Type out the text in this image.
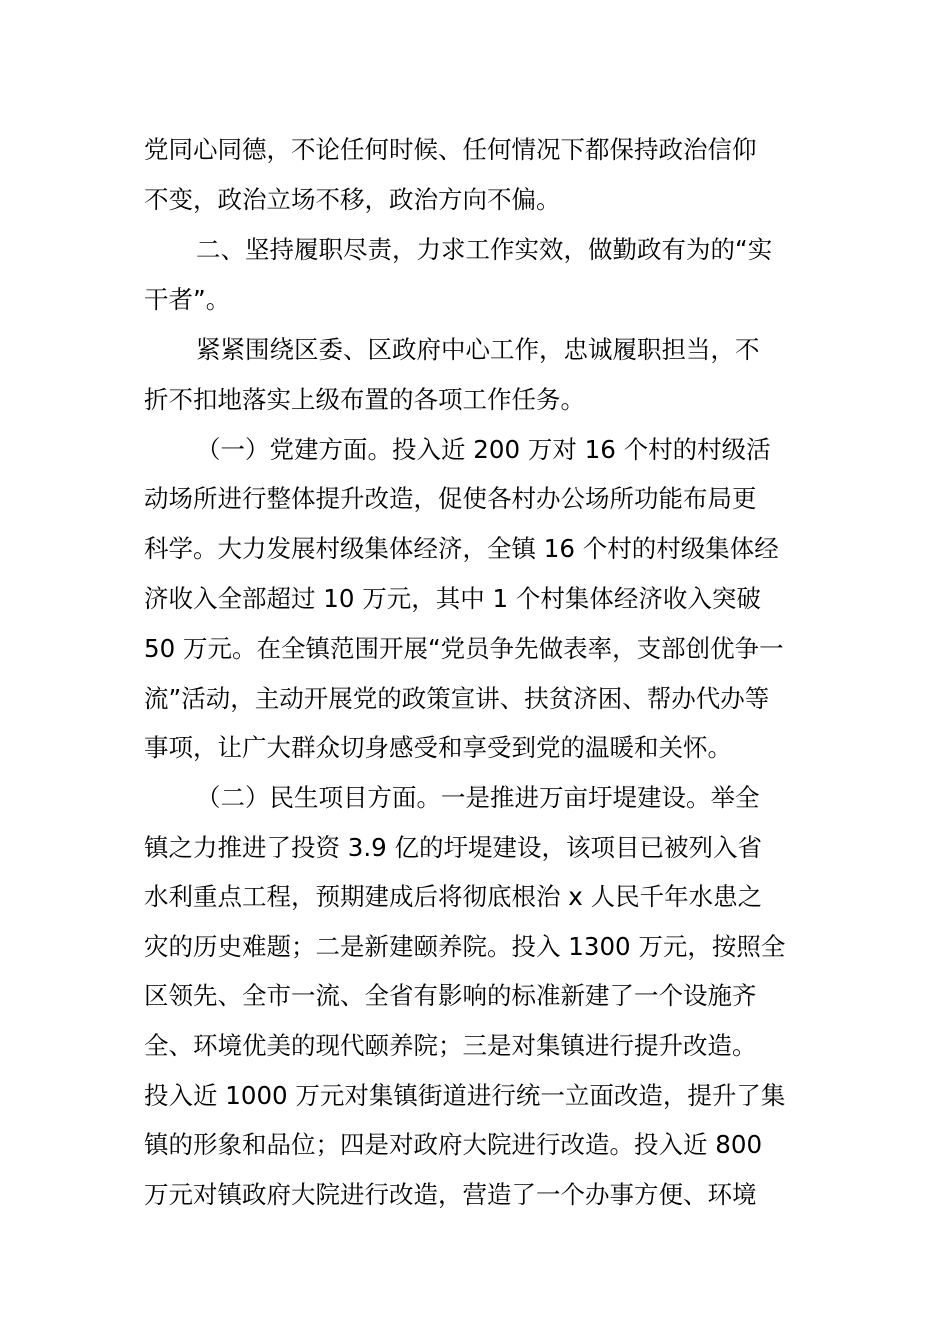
党同心同德，不论任何时候、任何情况下都保持政治信仰
不变，政治立场不移，政治方向不偏。
二、坚持履职尽责，力求工作实效，做勤政有为的“实
干者”。
紧紧围绕区委、区政府中心工作，忠诚履职担当，不
折不扣地落实上级布置的各项工作任务。
（一）党建方面。投入近 200 万对 16 个村的村级活
动场所进行整体提升改造，促使各村办公场所功能布局更
科学。大力发展村级集体经济，全镇 16 个村的村级集体经
济收入全部超过 10 万元，其中 1 个村集体经济收入突破
50 万元。在全镇范围开展“党员争先做表率，支部创优争一
流”活动，主动开展党的政策宣讲、扶贫济困、帮办代办等
事项，让广大群众切身感受和享受到党的温暖和关怀。
（二）民生项目方面。一是推进万亩圩堤建设。举全
镇之力推进了投资 3.9 亿的圩堤建设，该项目已被列入省
水利重点工程，预期建成后将彻底根治 x 人民千年水患之
灾的历史难题；二是新建颐养院。投入 1300 万元，按照全
区领先、全市一流、全省有影响的标准新建了一个设施齐
全、环境优美的现代颐养院；三是对集镇进行提升改造。
投入近 1000 万元对集镇街道进行统一立面改造，提升了集
镇的形象和品位；四是对政府大院进行改造。投入近 800
万元对镇政府大院进行改造，营造了一个办事方便、环境
